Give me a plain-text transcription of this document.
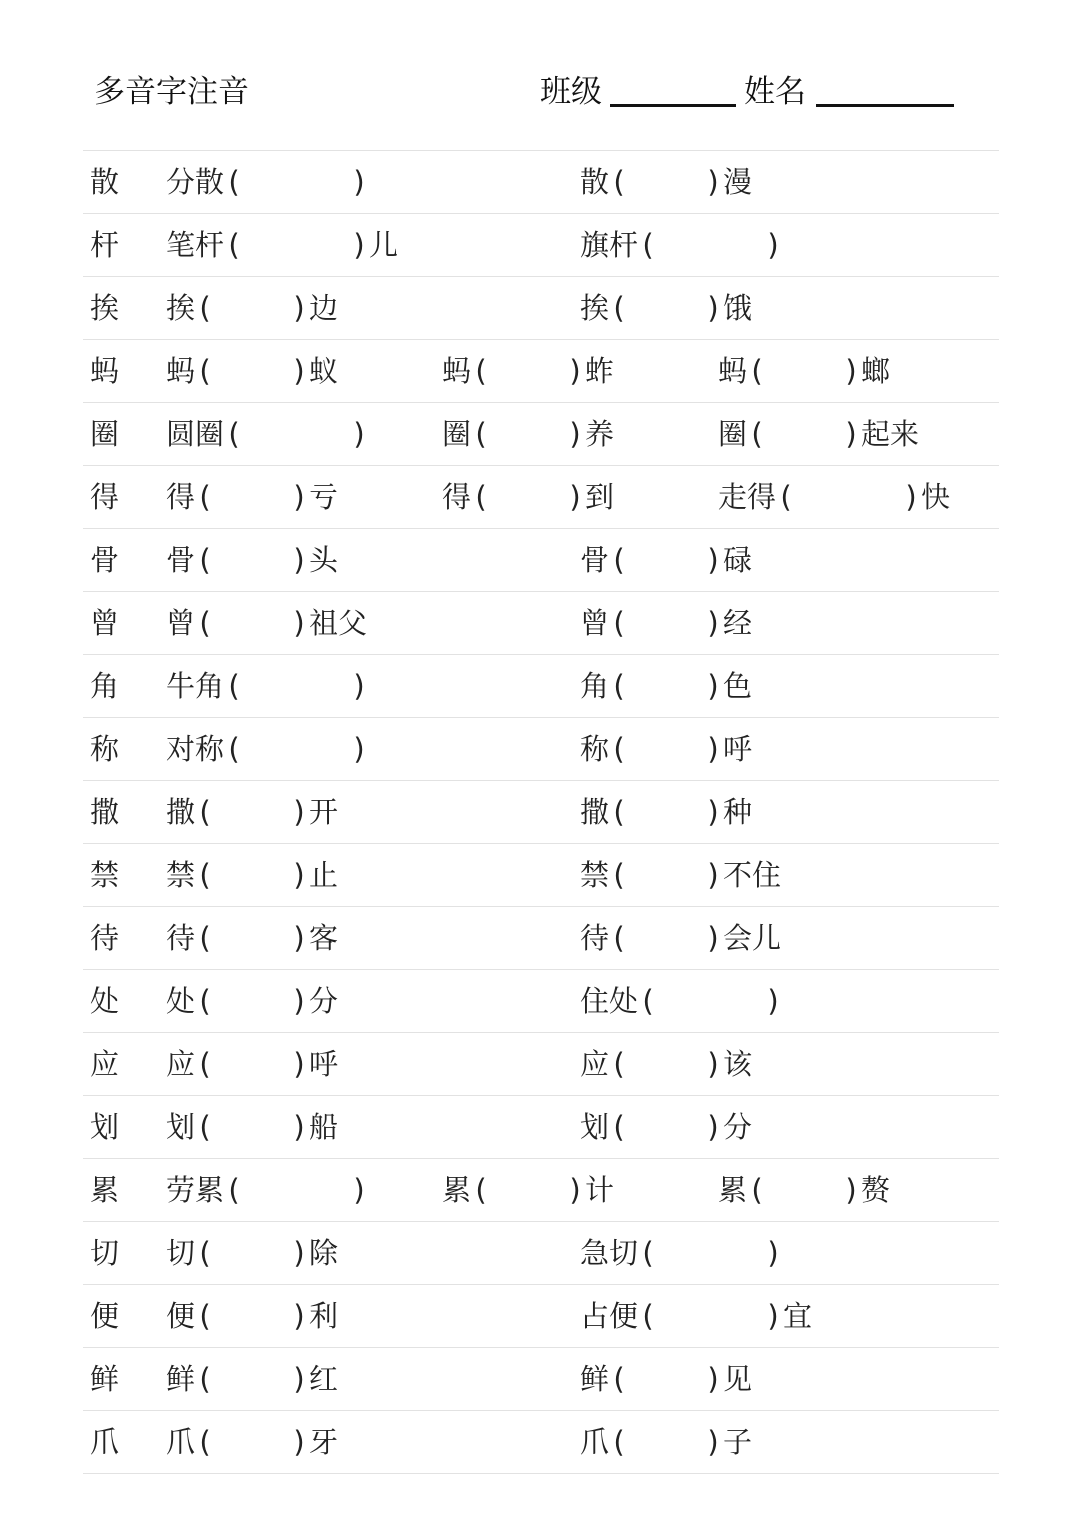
多音字注音	班级	姓名
散 分散 (	)	散 (	) 漫
杆 笔杆 (	) 儿	旗杆 (	)
挨 挨 (	) 边	挨 (	) 饿
蚂 蚂 (	) 蚁	蚂 (	) 蚱	蚂 (	) 螂
圈 圆圈 (	)	圈 (	) 养	圈 (	) 起来
得 得 (	) 亏	得 (	) 到	走得 (	) 快
骨 骨 (	) 头	骨 (	) 碌
曾 曾 (	) 祖父	曾 (	) 经
角 牛角 (	)	角 (	) 色
称 对称 (	)	称 (	) 呼
撒 撒 (	) 开	撒 (	) 种
禁 禁 (	) 止	禁 (	) 不住
待 待 (	) 客	待 (	) 会儿
处 处 (	) 分	住处 (	)
应 应 (	) 呼	应 (	) 该
划 划 (	) 船	划 (	) 分
累 劳累 (	)	累 (	) 计	累 (	) 赘
切 切 (	) 除	急切 (	)
便 便 (	) 利	占便 (	) 宜
鲜 鲜 (	) 红	鲜 (	) 见
爪 爪 (	) 牙	爪 (	) 子
